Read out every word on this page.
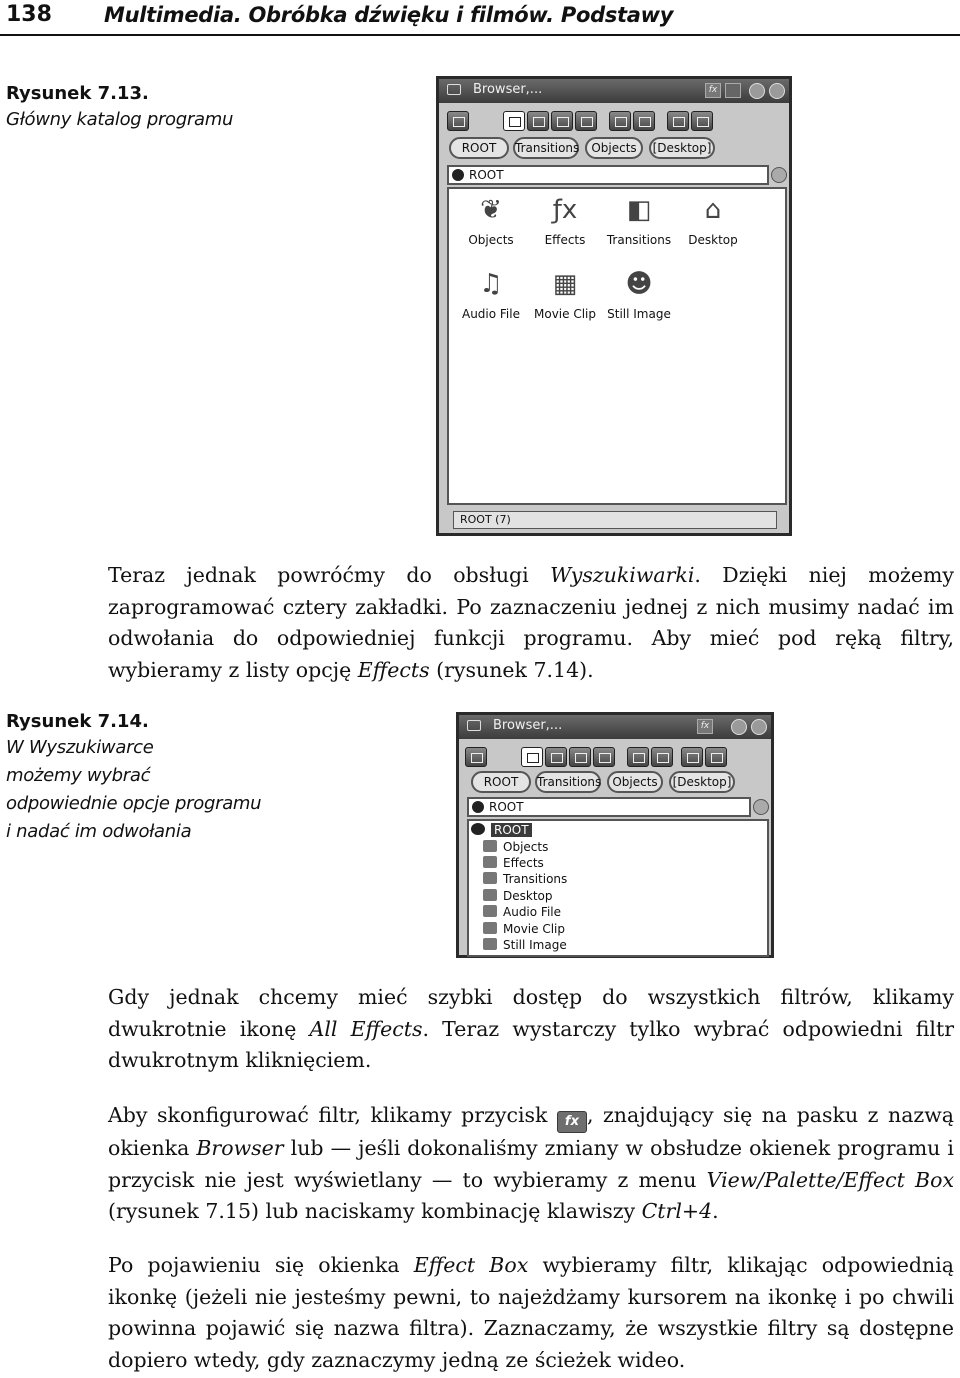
138 Multimedia. Obróbka dźwięku i filmów. Podstawy
Rysunek 7.13.
Główny katalog programu
Browser,...	fx
ROOT	Transitions	Objects	[Desktop]
ROOT
❦
Objects
ƒx
Effects
◧
Transitions
⌂
Desktop
♫
Audio File
▦
Movie Clip
☻
Still Image
ROOT (7)

Teraz jednak powróćmy do obsługi Wyszukiwarki. Dzięki niej możemy zaprogramować cztery zakładki. Po zaznaczeniu jednej z nich musimy nadać im odwołania do odpowiedniej funkcji programu. Aby mieć pod ręką filtry, wybieramy z listy opcję Effects (rysunek 7.14).

Rysunek 7.14.
W Wyszukiwarce
możemy wybrać
odpowiednie opcje programu
i nadać im odwołania
Browser,...	fx
ROOT	Transitions Objects	[Desktop]
ROOT
ROOT
Objects
Effects
Transitions
Desktop
Audio File
Movie Clip
Still Image

Gdy jednak chcemy mieć szybki dostęp do wszystkich filtrów, klikamy dwukrotnie ikonę All Effects. Teraz wystarczy tylko wybrać odpowiedni filtr dwukrotnym kliknięciem.

Aby skonfigurować filtr, klikamy przycisk fx , znajdujący się na pasku z nazwą okienka Browser lub — jeśli dokonaliśmy zmiany w obsłudze okienek programu i przycisk nie jest wyświetlany — to wybieramy z menu View/Palette/Effect Box (rysunek 7.15) lub naciskamy kombinację klawiszy Ctrl+4.

Po pojawieniu się okienka Effect Box wybieramy filtr, klikając odpowiednią ikonkę (jeżeli nie jesteśmy pewni, to najeżdżamy kursorem na ikonkę i po chwili powinna pojawić się nazwa filtra). Zaznaczamy, że wszystkie filtry są dostępne dopiero wtedy, gdy zaznaczymy jedną ze ścieżek wideo.
